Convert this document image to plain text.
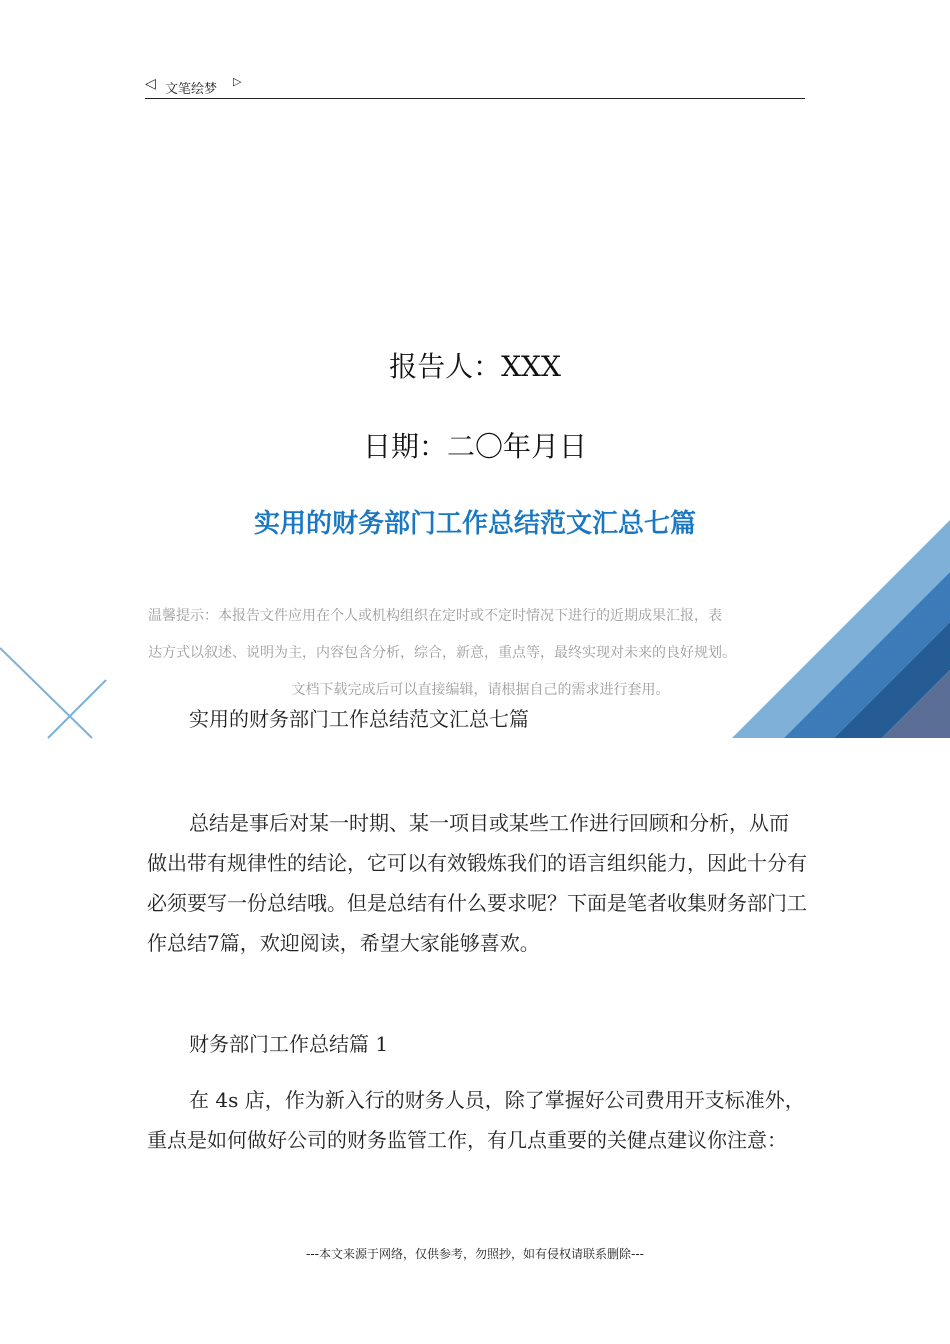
◁ 文笔绘梦
▷
报告人：XXX
日期：二〇年月日
实用的财务部门工作总结范文汇总七篇
温馨提示：本报告文件应用在个人或机构组织在定时或不定时情况下进行的近期成果汇报，表
达方式以叙述、说明为主，内容包含分析，综合，新意，重点等，最终实现对未来的良好规划。
文档下载完成后可以直接编辑，请根据自己的需求进行套用。
实用的财务部门工作总结范文汇总七篇

总结是事后对某一时期、某一项目或某些工作进行回顾和分析，从而做出带有规律性的结论，它可以有效锻炼我们的语言组织能力，因此十分有必须要写一份总结哦。但是总结有什么要求呢？下面是笔者收集财务部门工作总结7篇，欢迎阅读，希望大家能够喜欢。

财务部门工作总结篇 1

在 4s 店，作为新入行的财务人员，除了掌握好公司费用开支标准外，重点是如何做好公司的财务监管工作，有几点重要的关健点建议你注意：

---本文来源于网络，仅供参考，勿照抄，如有侵权请联系删除---
